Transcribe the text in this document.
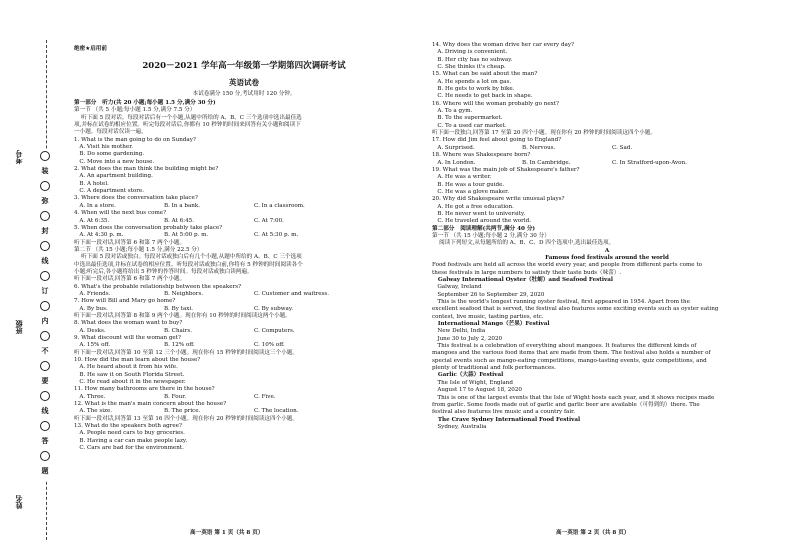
考号
班级
姓名
装
弥
封
线
订
内
不
要
线
答
题
绝密★启用前
2020－2021 学年高一年级第一学期第四次调研考试
英语试卷
本试卷满分 150 分,考试用时 120 分钟。
第一部分   听力(共 20 小题;每小题 1.5 分,满分 30 分)
第一节 （共 5 小题;每小题 1.5 分,满分 7.5 分）
听下面 5 段对话。每段对话后有一个小题,从题中所给的 A、B、C 三个选项中选出最佳选
项,并标在试卷的相应位置。听完每段对话后,你都有 10 秒钟的时间来回答有关小题和阅读下
一小题。每段对话仅读一遍。
1. What is the man going to do on Sunday?
A. Visit his mother.
B. Do some gardening.
C. Move into a new house.
2. What does the man think the building might be?
A. An apartment building.
B. A hotel.
C. A department store.
3. Where does the conversation take place?
A. In a store.	B. In a bank.	C. In a classroom.
4. When will the next bus come?
A. At 6:35.	B. At 6:45.	C. At 7:00.
5. When does the conversation probably take place?
A. At 4:30 p. m.	B. At 5:00 p. m.	C. At 5:30 p. m.
听下面一段对话,回答第 6 和第 7 两个小题。
第二节 （共 15 小题;每小题 1.5 分,满分 22.5 分）
听下面 5 段对话或独白。每段对话或独白后有几个小题,从题中所给的 A、B、C 三个选项
中选出最佳选项,并标在试卷的相应位置。听每段对话或独白前,你将有 5 秒钟的时间阅读各个
小题;听完后,各小题将给出 5 秒钟的作答时间。每段对话或独白读两遍。
听下面一段对话,回答第 6 和第 7 两个小题。
6. What's the probable relationship between the speakers?
A. Friends.	B. Neighbors.	C. Customer and waitress.
7. How will Bill and Mary go home?
A. By bus.	B. By taxi.	C. By subway.
听下面一段对话,回答第 8 和第 9 两个小题。现在你有 10 秒钟的时间阅读这两个小题。
8. What does the woman want to buy?
A. Desks.	B. Chairs.	C. Computers.
9. What discount will the woman get?
A. 15% off.	B. 12% off.	C. 10% off.
听下面一段对话,回答第 10 至第 12 三个小题。现在你有 15 秒钟的时间阅读这三个小题。
10. How did the man learn about the house?
A. He heard about it from his wife.
B. He saw it on South Florida Street.
C. He read about it in the newspaper.
11. How many bathrooms are there in the house?
A. Three.	B. Four.	C. Five.
12. What is the man's main concern about the house?
A. The size.	B. The price.	C. The location.
听下面一段对话,回答第 13 至第 16 四个小题。现在你有 20 秒钟的时间阅读这四个小题。
13. What do the speakers both agree?
A. People need cars to buy groceries.
B. Having a car can make people lazy.
C. Cars are bad for the environment.
14. Why does the woman drive her car every day?
A. Driving is convenient.
B. Her city has no subway.
C. She thinks it's cheap.
15. What can be said about the man?
A. He spends a lot on gas.
B. He gets to work by bike.
C. He needs to get back in shape.
16. Where will the woman probably go next?
A. To a gym.
B. To the supermarket.
C. To a used car market.
听下面一段独白,回答第 17 至第 20 四个小题。现在你有 20 秒钟的时间阅读这四个小题。
17. How did Jim feel about going to England?
A. Surprised.	B. Nervous.	C. Sad.
18. Where was Shakespeare born?
A. In London.	B. In Cambridge.	C. In Stratford-upon-Avon.
19. What was the main job of Shakespeare's father?
A. He was a writer.
B. He was a tour guide.
C. He was a glove maker.
20. Why did Shakespeare write unusual plays?
A. He got a free education.
B. He never went to university.
C. He traveled around the world.
第二部分   阅读理解(共两节,满分 40 分)
第一节 （共 15 小题;每小题 2 分,满分 30 分）
阅读下列短文,从每题所给的 A、B、C、D 四个选项中,选出最佳选项。
A
Famous food festivals around the world
Food festivals are held all across the world every year, and people from different parts come to
these festivals in large numbers to satisfy their taste buds（味蕾）.
Galway International Oyster（牡蛎）and Seafood Festival
Galway, Ireland
September 26 to September 29, 2020
This is the world's longest running oyster festival, first appeared in 1954. Apart from the
excellent seafood that is served, the festival also features some exciting events such as oyster eating
contest, live music, tasting parties, etc.
International Mango（芒果）Festival
New Delhi, India
June 30 to July 2, 2020
This festival is a celebration of everything about mangoes. It features the different kinds of
mangoes and the various food items that are made from them. The festival also holds a number of
special events such as mango-eating competitions, mango-tasting events, quiz competitions, and
plenty of traditional and folk performances.
Garlic（大蒜）Festival
The Isle of Wight, England
August 17 to August 18, 2020
This is one of the largest events that the Isle of Wight hosts each year, and it shows recipes made
from garlic. Some foods made out of garlic and garlic beer are available（可得到的）there. The
festival also features live music and a country fair.
The Crave Sydney International Food Festival
Sydney, Australia
高一英语 第 1 页（共 8 页）	高一英语 第 2 页（共 8 页）
